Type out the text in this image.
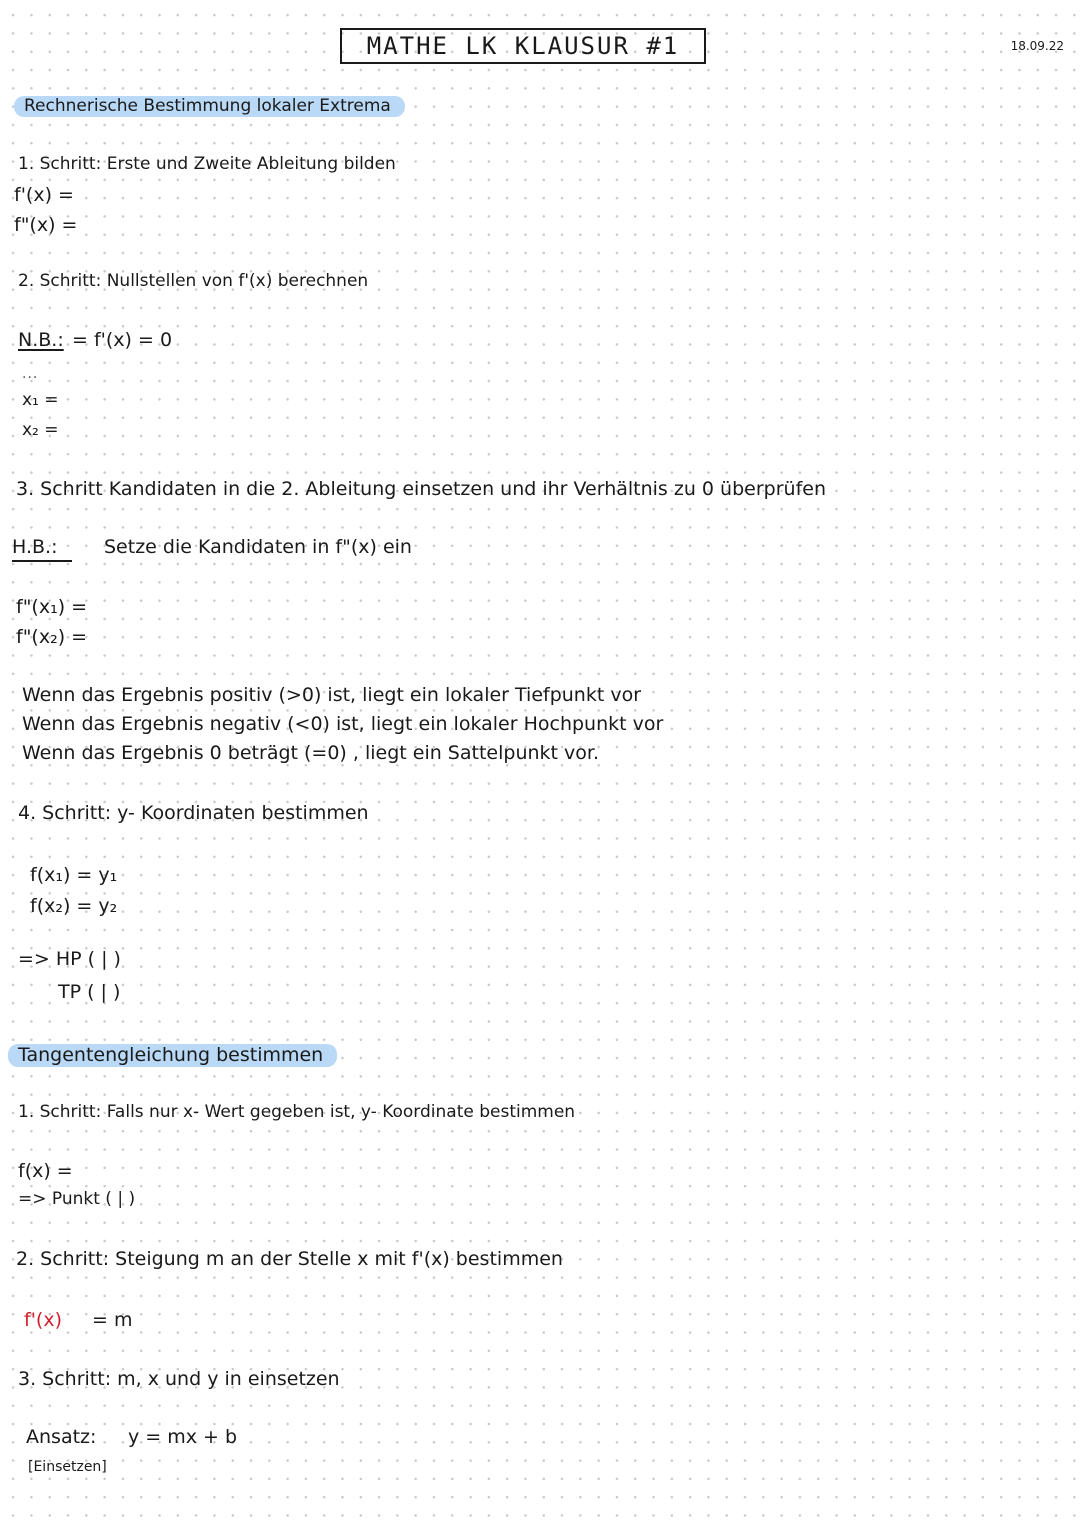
MATHE LK KLAUSUR #1	18.09.22
Rechnerische Bestimmung lokaler Extrema
1. Schritt: Erste und Zweite Ableitung bilden
f'(x) =
f"(x) =
2. Schritt: Nullstellen von f'(x) berechnen
N.B.: = f'(x) = 0
...
x₁ =
x₂ =
3. Schritt Kandidaten in die 2. Ableitung einsetzen und ihr Verhältnis zu 0 überprüfen
H.B.:	Setze die Kandidaten in f"(x) ein
f"(x₁) =
f"(x₂) =
Wenn das Ergebnis positiv (>0) ist, liegt ein lokaler Tiefpunkt vor
Wenn das Ergebnis negativ (<0) ist, liegt ein lokaler Hochpunkt vor
Wenn das Ergebnis 0 beträgt (=0) , liegt ein Sattelpunkt vor.
4. Schritt: y- Koordinaten bestimmen
f(x₁) = y₁
f(x₂) = y₂
=> HP ( | )
TP ( | )
Tangentengleichung bestimmen
1. Schritt: Falls nur x- Wert gegeben ist, y- Koordinate bestimmen
f(x) =
=> Punkt ( | )
2. Schritt: Steigung m an der Stelle x mit f'(x) bestimmen
f'(x) = m
3. Schritt: m, x und y in einsetzen
Ansatz: y = mx + b
[Einsetzen]
